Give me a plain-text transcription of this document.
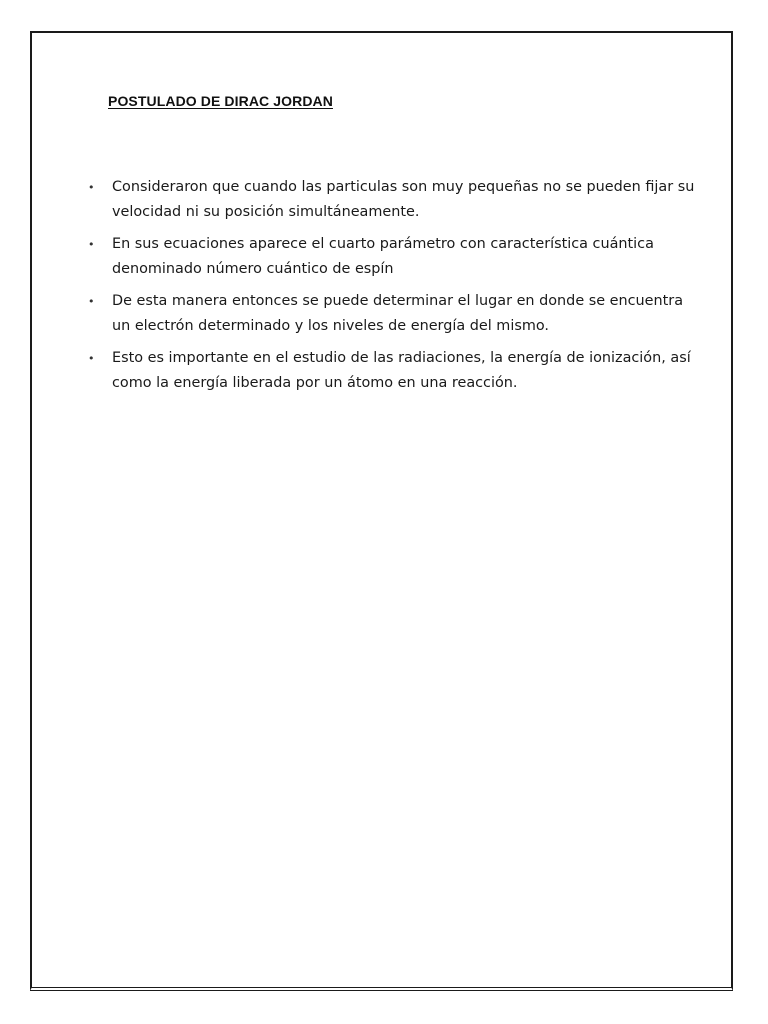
POSTULADO DE DIRAC JORDAN
• Consideraron que cuando las particulas son muy pequeñas no se pueden fijar su velocidad ni su posición simultáneamente.
• En sus ecuaciones aparece el cuarto parámetro con característica cuántica denominado número cuántico de espín
• De esta manera entonces se puede determinar el lugar en donde se encuentra un electrón determinado y los niveles de energía del mismo.
• Esto es importante en el estudio de las radiaciones, la energía de ionización, así como la energía liberada por un átomo en una reacción.
